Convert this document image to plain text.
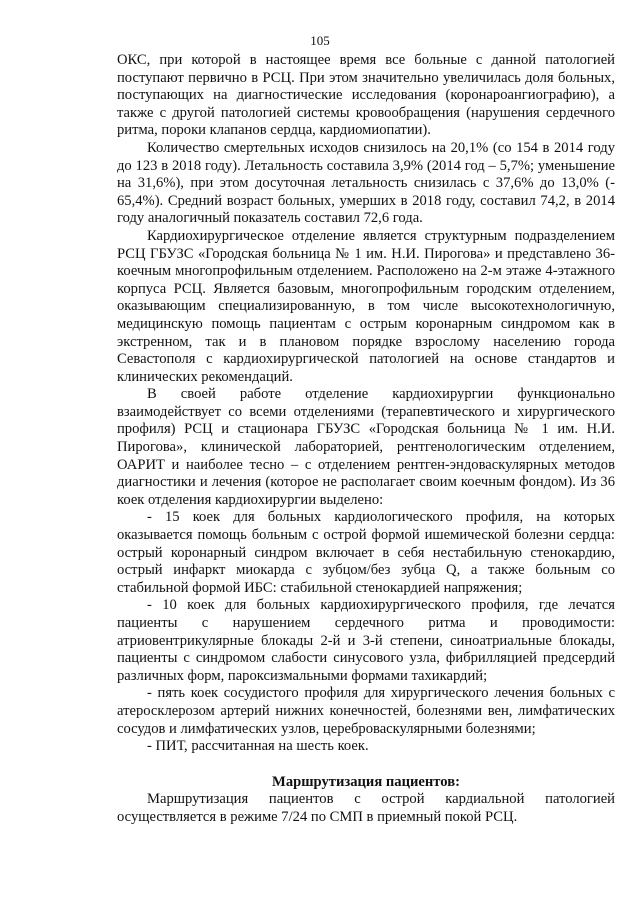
105

ОКС, при которой в настоящее время все больные с данной патологией поступают первично в РСЦ. При этом значительно увеличилась доля больных, поступающих на диагностические исследования (коронароангиографию), а также с другой патологией системы кровообращения (нарушения сердечного ритма, пороки клапанов сердца, кардиомиопатии).

Количество смертельных исходов снизилось на 20,1% (со 154 в 2014 году до 123 в 2018 году). Летальность составила 3,9% (2014 год – 5,7%; уменьшение на 31,6%), при этом досуточная летальность снизилась с 37,6% до 13,0% (- 65,4%). Средний возраст больных, умерших в 2018 году, составил 74,2, в 2014 году аналогичный показатель составил 72,6 года.

Кардиохирургическое отделение является структурным подразделением РСЦ ГБУЗС «Городская больница № 1 им. Н.И. Пирогова» и представлено 36-коечным многопрофильным отделением. Расположено на 2-м этаже 4-этажного корпуса РСЦ. Является базовым, многопрофильным городским отделением, оказывающим специализированную, в том числе высокотехнологичную, медицинскую помощь пациентам с острым коронарным синдромом как в экстренном, так и в плановом порядке взрослому населению города Севастополя с кардиохирургической патологией на основе стандартов и клинических рекомендаций.

В своей работе отделение кардиохирургии функционально взаимодействует со всеми отделениями (терапевтического и хирургического профиля) РСЦ и стационара ГБУЗС «Городская больница № 1 им. Н.И. Пирогова», клинической лабораторией, рентгенологическим отделением, ОАРИТ и наиболее тесно – с отделением рентген-эндоваскулярных методов диагностики и лечения (которое не располагает своим коечным фондом). Из 36 коек отделения кардиохирургии выделено:

- 15 коек для больных кардиологического профиля, на которых оказывается помощь больным с острой формой ишемической болезни сердца: острый коронарный синдром включает в себя нестабильную стенокардию, острый инфаркт миокарда с зубцом/без зубца Q, а также больным со стабильной формой ИБС: стабильной стенокардией напряжения;

- 10 коек для больных кардиохирургического профиля, где лечатся пациенты с нарушением сердечного ритма и проводимости: атриовентрикулярные блокады 2-й и 3-й степени, синоатриальные блокады, пациенты с синдромом слабости синусового узла, фибрилляцией предсердий различных форм, пароксизмальными формами тахикардий;

- пять коек сосудистого профиля для хирургического лечения больных с атеросклерозом артерий нижних конечностей, болезнями вен, лимфатических сосудов и лимфатических узлов, цереброваскулярными болезнями;

- ПИТ, рассчитанная на шесть коек.

Маршрутизация пациентов:

Маршрутизация пациентов с острой кардиальной патологией осуществляется в режиме 7/24 по СМП в приемный покой РСЦ.
